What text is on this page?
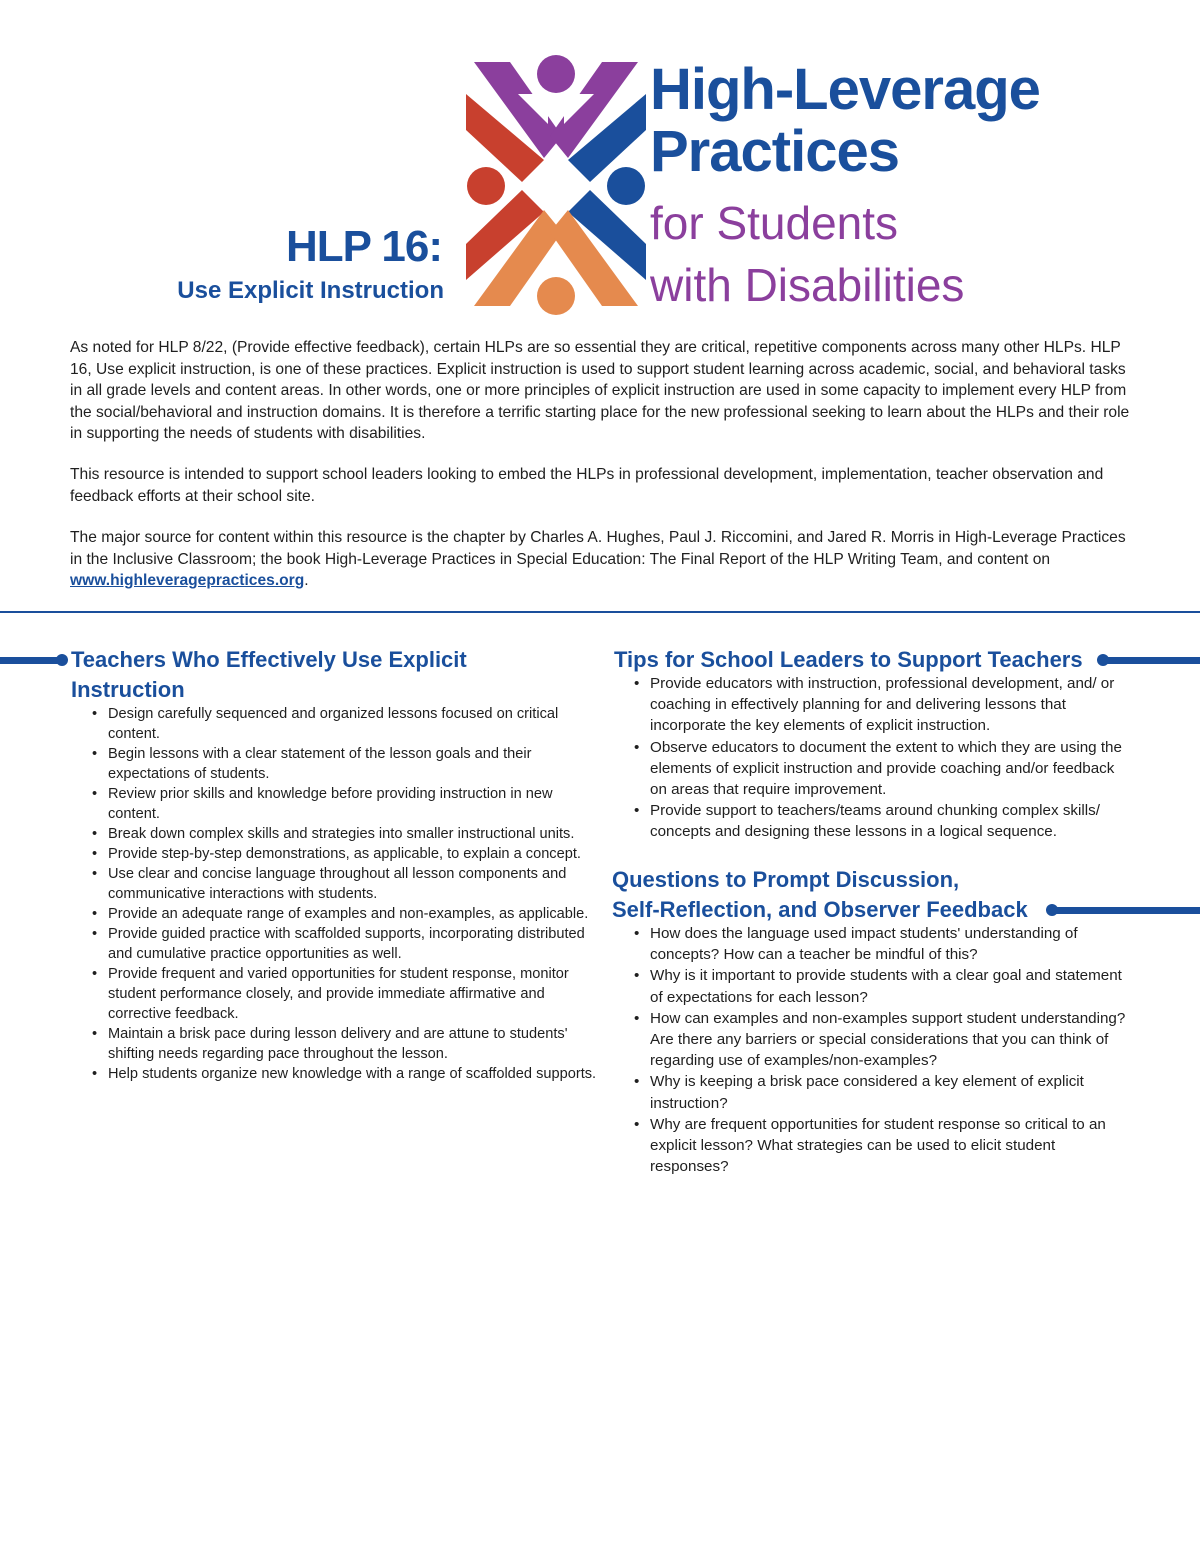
HLP 16:
Use Explicit Instruction
High-Leverage
Practices
for Students
with Disabilities

As noted for HLP 8/22, (Provide effective feedback), certain HLPs are so essential they are critical, repetitive components across many other HLPs. HLP 16, Use explicit instruction, is one of these practices. Explicit instruction is used to support student learning across academic, social, and behavioral tasks in all grade levels and content areas. In other words, one or more principles of explicit instruction are used in some capacity to implement every HLP from the social/behavioral and instruction domains. It is therefore a terrific starting place for the new professional seeking to learn about the HLPs and their role in supporting the needs of students with disabilities.

This resource is intended to support school leaders looking to embed the HLPs in professional development, implementation, teacher observation and feedback efforts at their school site.

The major source for content within this resource is the chapter by Charles A. Hughes, Paul J. Riccomini, and Jared R. Morris in High-Leverage Practices in the Inclusive Classroom; the book High-Leverage Practices in Special Education: The Final Report of the HLP Writing Team, and content on www.highleveragepractices.org.

Teachers Who Effectively Use Explicit

Instruction

• Design carefully sequenced and organized lessons focused on critical content.
• Begin lessons with a clear statement of the lesson goals and their expectations of students.
• Review prior skills and knowledge before providing instruction in new content.
• Break down complex skills and strategies into smaller instructional units.
• Provide step-by-step demonstrations, as applicable, to explain a concept.
• Use clear and concise language throughout all lesson components and communicative interactions with students.
• Provide an adequate range of examples and non-examples, as applicable.
• Provide guided practice with scaffolded supports, incorporating distributed and cumulative practice opportunities as well.
• Provide frequent and varied opportunities for student response, monitor student performance closely, and provide immediate affirmative and corrective feedback.
• Maintain a brisk pace during lesson delivery and are attune to students' shifting needs regarding pace throughout the lesson.
• Help students organize new knowledge with a range of scaffolded supports.

Tips for School Leaders to Support Teachers

• Provide educators with instruction, professional development, and/ or coaching in effectively planning for and delivering lessons that incorporate the key elements of explicit instruction.
• Observe educators to document the extent to which they are using the elements of explicit instruction and provide coaching and/or feedback on areas that require improvement.
• Provide support to teachers/teams around chunking complex skills/ concepts and designing these lessons in a logical sequence.

Questions to Prompt Discussion,

Self-Reflection, and Observer Feedback

• How does the language used impact students' understanding of concepts? How can a teacher be mindful of this?
• Why is it important to provide students with a clear goal and statement of expectations for each lesson?
• How can examples and non-examples support student understanding? Are there any barriers or special considerations that you can think of regarding use of examples/non-examples?
• Why is keeping a brisk pace considered a key element of explicit instruction?
• Why are frequent opportunities for student response so critical to an explicit lesson? What strategies can be used to elicit student responses?
